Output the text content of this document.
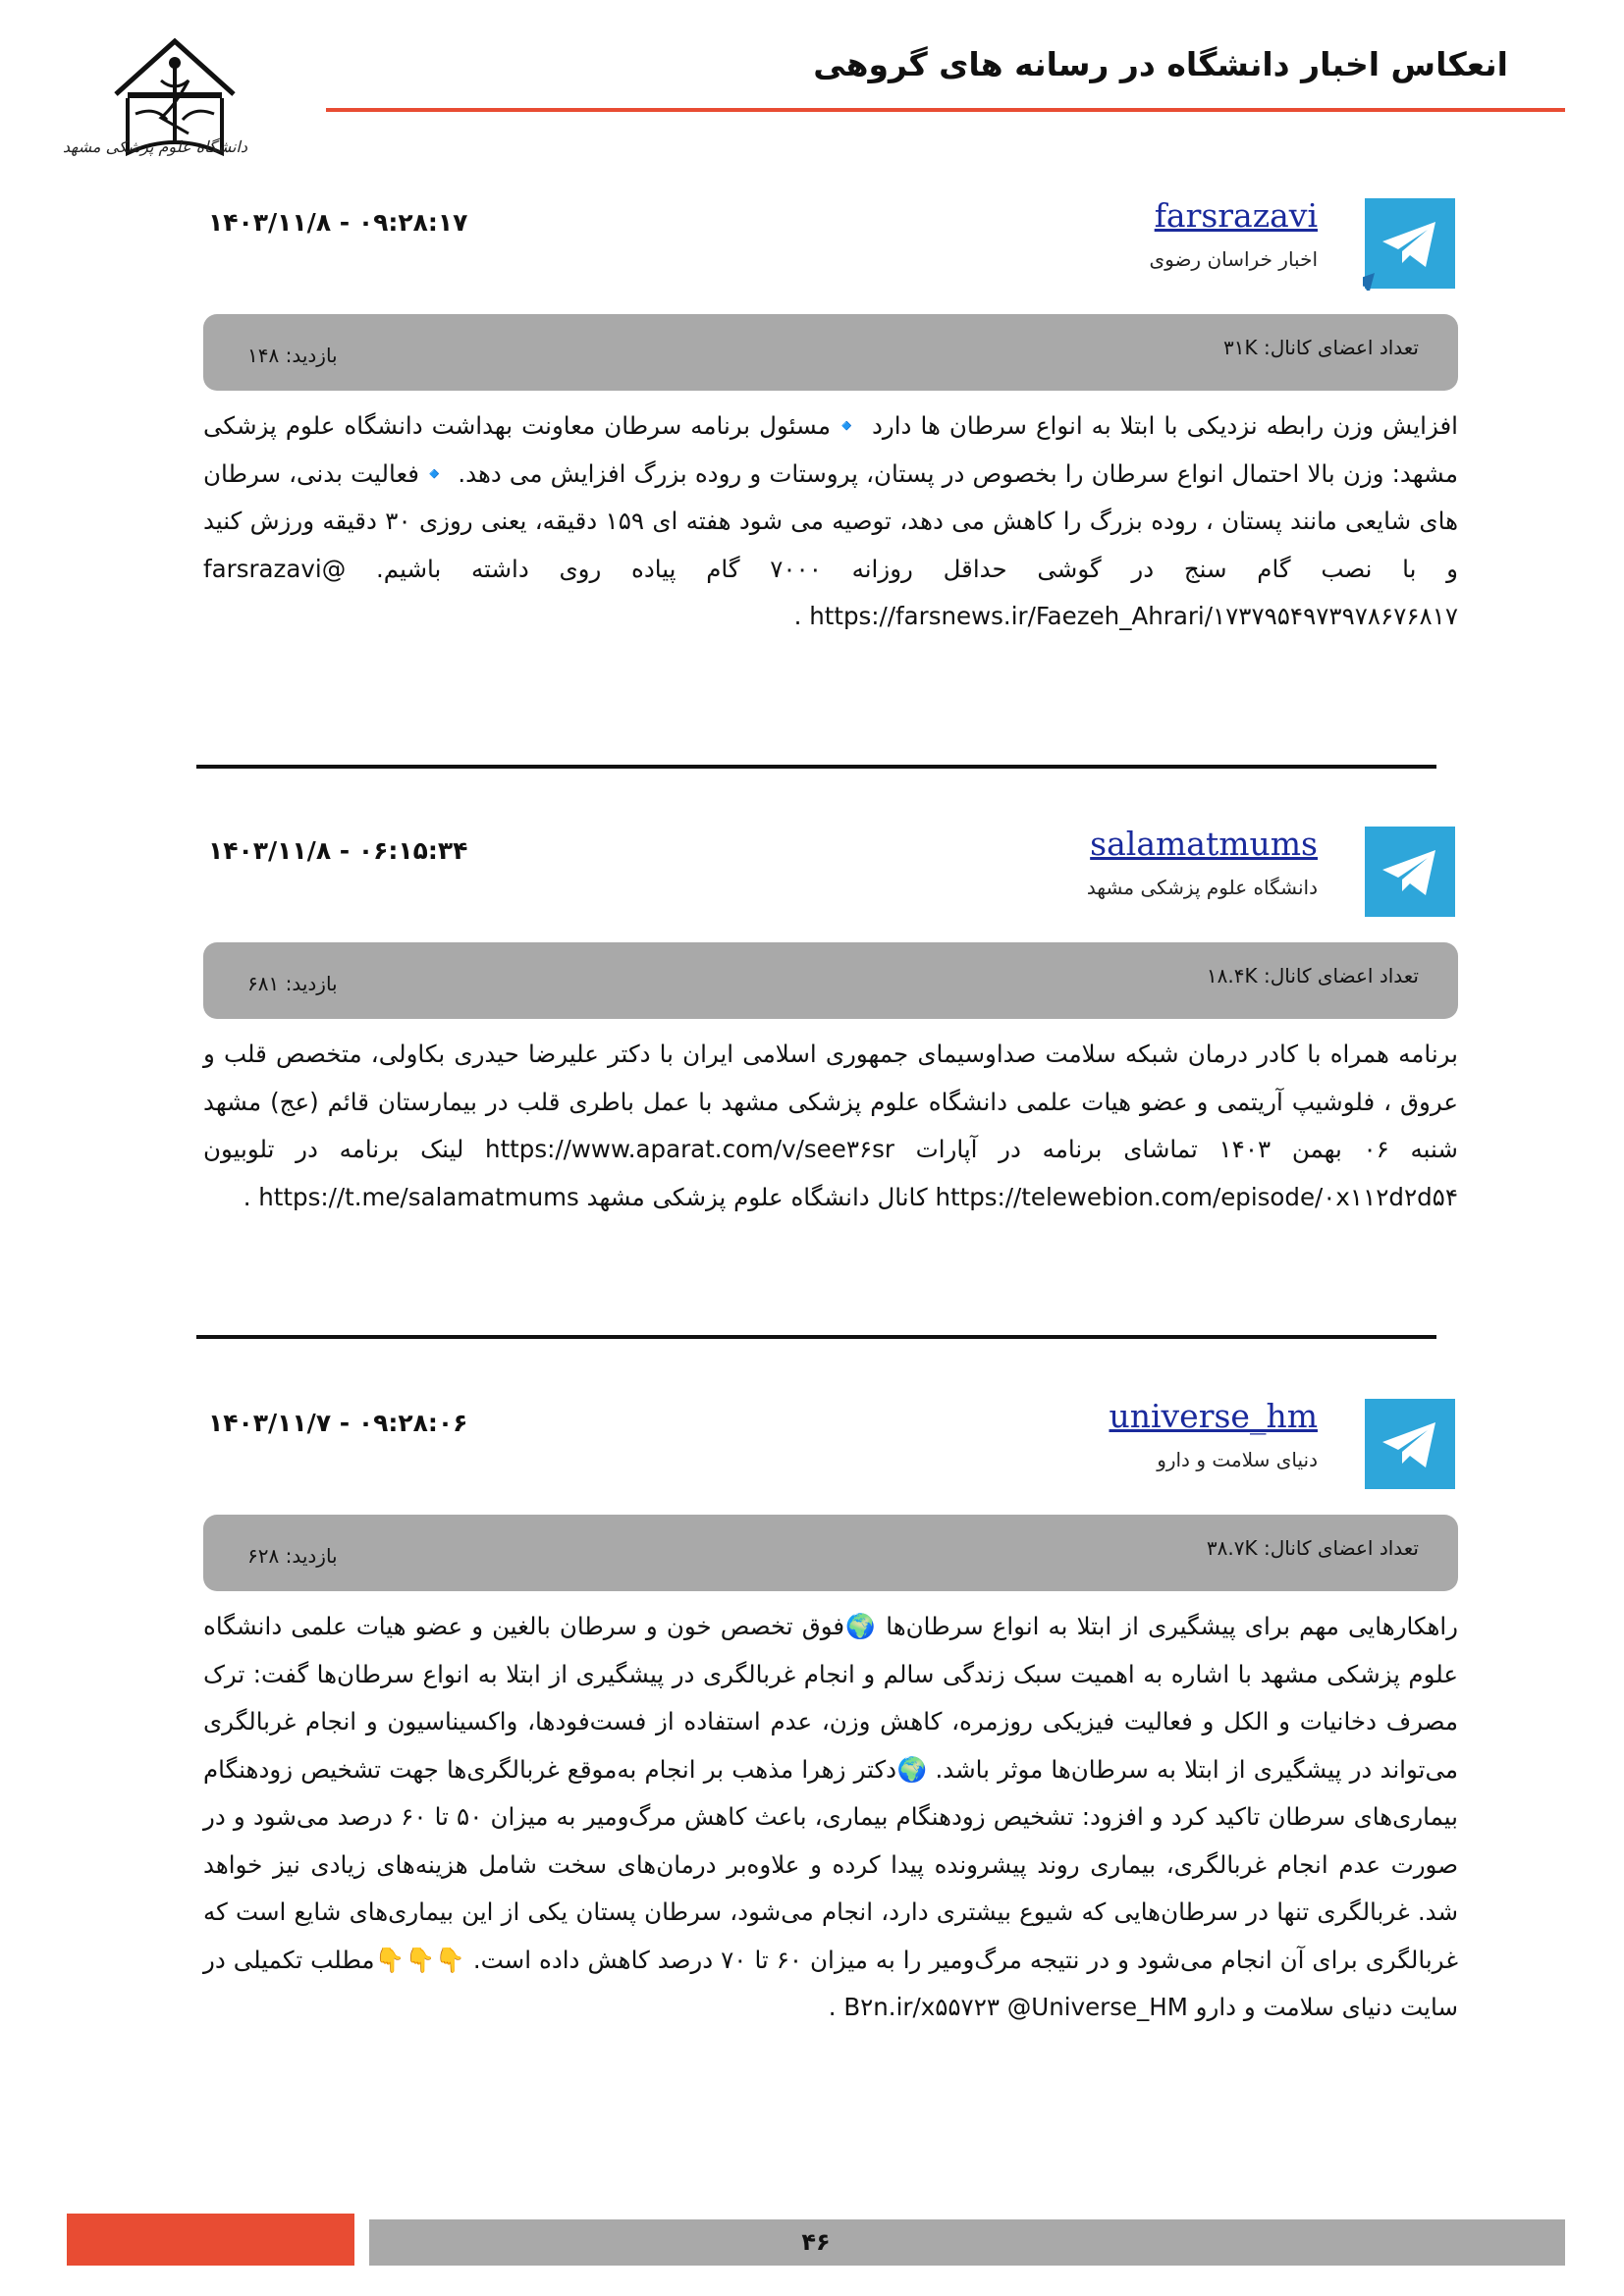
دانشگاه علوم پزشکی مشهد
انعکاس اخبار دانشگاه در رسانه های گروهی
farsrazavi
اخبار خراسان رضوی
۱۴۰۳/۱۱/۸ - ۰۹:۲۸:۱۷
تعداد اعضای کانال: ۳۱K
بازدید: ۱۴۸
افزایش وزن رابطه نزدیکی با ابتلا به انواع سرطان ها دارد 🔹مسئول برنامه سرطان معاونت بهداشت دانشگاه علوم پزشکی مشهد: وزن بالا احتمال انواع سرطان را بخصوص در پستان، پروستات و روده بزرگ افزایش می دهد. 🔹فعالیت بدنی، سرطان های شایعی مانند پستان ، روده بزرگ را کاهش می دهد، توصیه می شود هفته ای ۱۵۹ دقیقه، یعنی روزی ۳۰ دقیقه ورزش کنید و با نصب گام سنج در گوشی حداقل روزانه ۷۰۰۰ گام پیاده روی داشته باشیم. @farsrazavi https://farsnews.ir/Faezeh_Ahrari/۱۷۳۷۹۵۴۹۷۳۹۷۸۶۷۶۸۱۷ .
salamatmums
دانشگاه علوم پزشکی مشهد
۱۴۰۳/۱۱/۸ - ۰۶:۱۵:۳۴
تعداد اعضای کانال: ۱۸.۴K
بازدید: ۶۸۱
برنامه همراه با کادر درمان شبکه سلامت صداوسیمای جمهوری اسلامی ایران با دکتر علیرضا حیدری بکاولی، متخصص قلب و عروق ، فلوشیپ آریتمی و عضو هیات علمی دانشگاه علوم پزشکی مشهد با عمل باطری قلب در بیمارستان قائم (عج) مشهد شنبه ۰۶ بهمن ۱۴۰۳ تماشای برنامه در آپارات https://www.aparat.com/v/see۳۶sr لینک برنامه در تلوبیون https://telewebion.com/episode/۰x۱۱۲d۲d۵۴ کانال دانشگاه علوم پزشکی مشهد https://t.me/salamatmums .
universe_hm
دنیای سلامت و دارو
۱۴۰۳/۱۱/۷ - ۰۹:۲۸:۰۶
تعداد اعضای کانال: ۳۸.۷K
بازدید: ۶۲۸
راهکارهایی مهم برای پیشگیری از ابتلا به انواع سرطان‌ها 🌍فوق تخصص خون و سرطان بالغین و عضو هیات علمی دانشگاه علوم پزشکی مشهد با اشاره به اهمیت سبک زندگی سالم و انجام غربالگری در پیشگیری از ابتلا به انواع سرطان‌ها گفت: ترک مصرف دخانیات و الکل و فعالیت فیزیکی روزمره، کاهش وزن، عدم استفاده از فست‌فودها، واکسیناسیون و انجام غربالگری می‌تواند در پیشگیری از ابتلا به سرطان‌ها موثر باشد. 🌍دکتر زهرا مذهب بر انجام به‌موقع غربالگری‌ها جهت تشخیص زودهنگام بیماری‌های سرطان تاکید کرد و افزود: تشخیص زودهنگام بیماری، باعث کاهش مرگ‌ومیر به میزان ۵۰ تا ۶۰ درصد می‌شود و در صورت عدم انجام غربالگری، بیماری روند پیشرونده پیدا کرده و علاوه‌بر درمان‌های سخت شامل هزینه‌های زیادی نیز خواهد شد. غربالگری تنها در سرطان‌هایی که شیوع بیشتری دارد، انجام می‌شود، سرطان پستان یکی از این بیماری‌های شایع است که غربالگری برای آن انجام می‌شود و در نتیجه مرگ‌ومیر را به میزان ۶۰ تا ۷۰ درصد کاهش داده است. 👇👇👇مطلب تکمیلی در سایت دنیای سلامت و دارو B۲n.ir/x۵۵۷۲۳ @Universe_HM .
۴۶
